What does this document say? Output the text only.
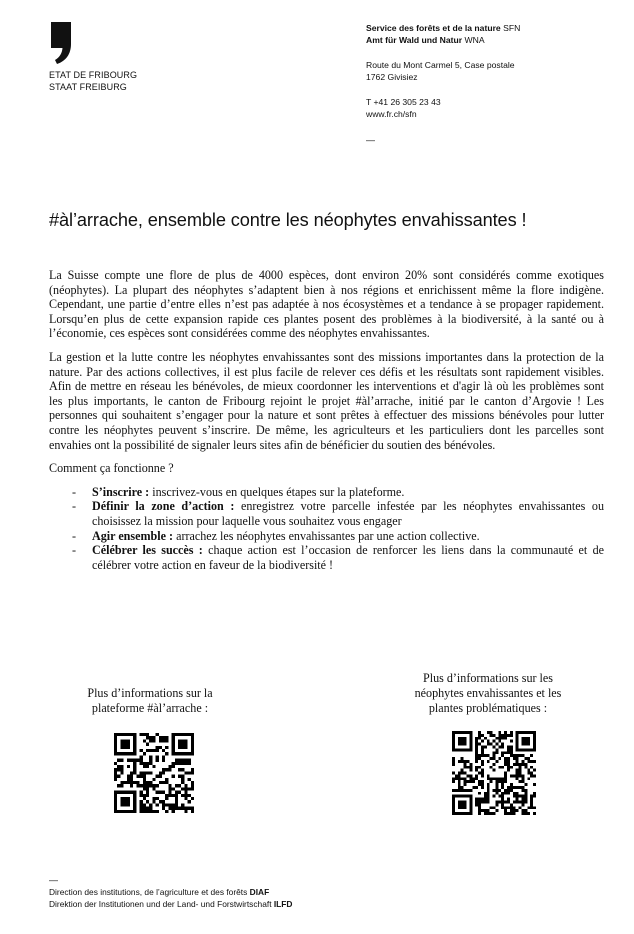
ETAT DE FRIBOURG
STAAT FREIBURG
Service des forêts et de la nature SFN
Amt für Wald und Natur WNA
Route du Mont Carmel 5, Case postale
1762 Givisiez
T +41 26 305 23 43
www.fr.ch/sfn
—
#àl’arrache, ensemble contre les néophytes envahissantes !

La Suisse compte une flore de plus de 4000 espèces, dont environ 20% sont considérés comme exotiques (néophytes). La plupart des néophytes s’adaptent bien à nos régions et enrichissent même la flore indigène. Cependant, une partie d’entre elles n’est pas adaptée à nos écosystèmes et a tendance à se propager rapidement. Lorsqu’en plus de cette expansion rapide ces plantes posent des problèmes à la biodiversité, à la santé ou à l’économie, ces espèces sont considérées comme des néophytes envahissantes.

La gestion et la lutte contre les néophytes envahissantes sont des missions importantes dans la protection de la nature. Par des actions collectives, il est plus facile de relever ces défis et les résultats sont rapidement visibles. Afin de mettre en réseau les bénévoles, de mieux coordonner les interventions et d'agir là où les problèmes sont les plus importants, le canton de Fribourg rejoint le projet #àl’arrache, initié par le canton d’Argovie ! Les personnes qui souhaitent s’engager pour la nature et sont prêtes à effectuer des missions bénévoles pour lutter contre les néophytes peuvent s’inscrire. De même, les agriculteurs et les particuliers dont les parcelles sont envahies ont la possibilité de signaler leurs sites afin de bénéficier du soutien des bénévoles.

Comment ça fonctionne ?

- S’inscrire : inscrivez-vous en quelques étapes sur la plateforme.
- Définir la zone d’action : enregistrez votre parcelle infestée par les néophytes envahissantes ou choisissez la mission pour laquelle vous souhaitez vous engager
- Agir ensemble : arrachez les néophytes envahissantes par une action collective.
- Célébrer les succès : chaque action est l’occasion de renforcer les liens dans la communauté et de célébrer votre action en faveur de la biodiversité !
Plus d’informations sur la
plateforme #àl’arrache :
Plus d’informations sur les
néophytes envahissantes et les
plantes problématiques :
—
Direction des institutions, de l’agriculture et des forêts DIAF
Direktion der Institutionen und der Land- und Forstwirtschaft ILFD
